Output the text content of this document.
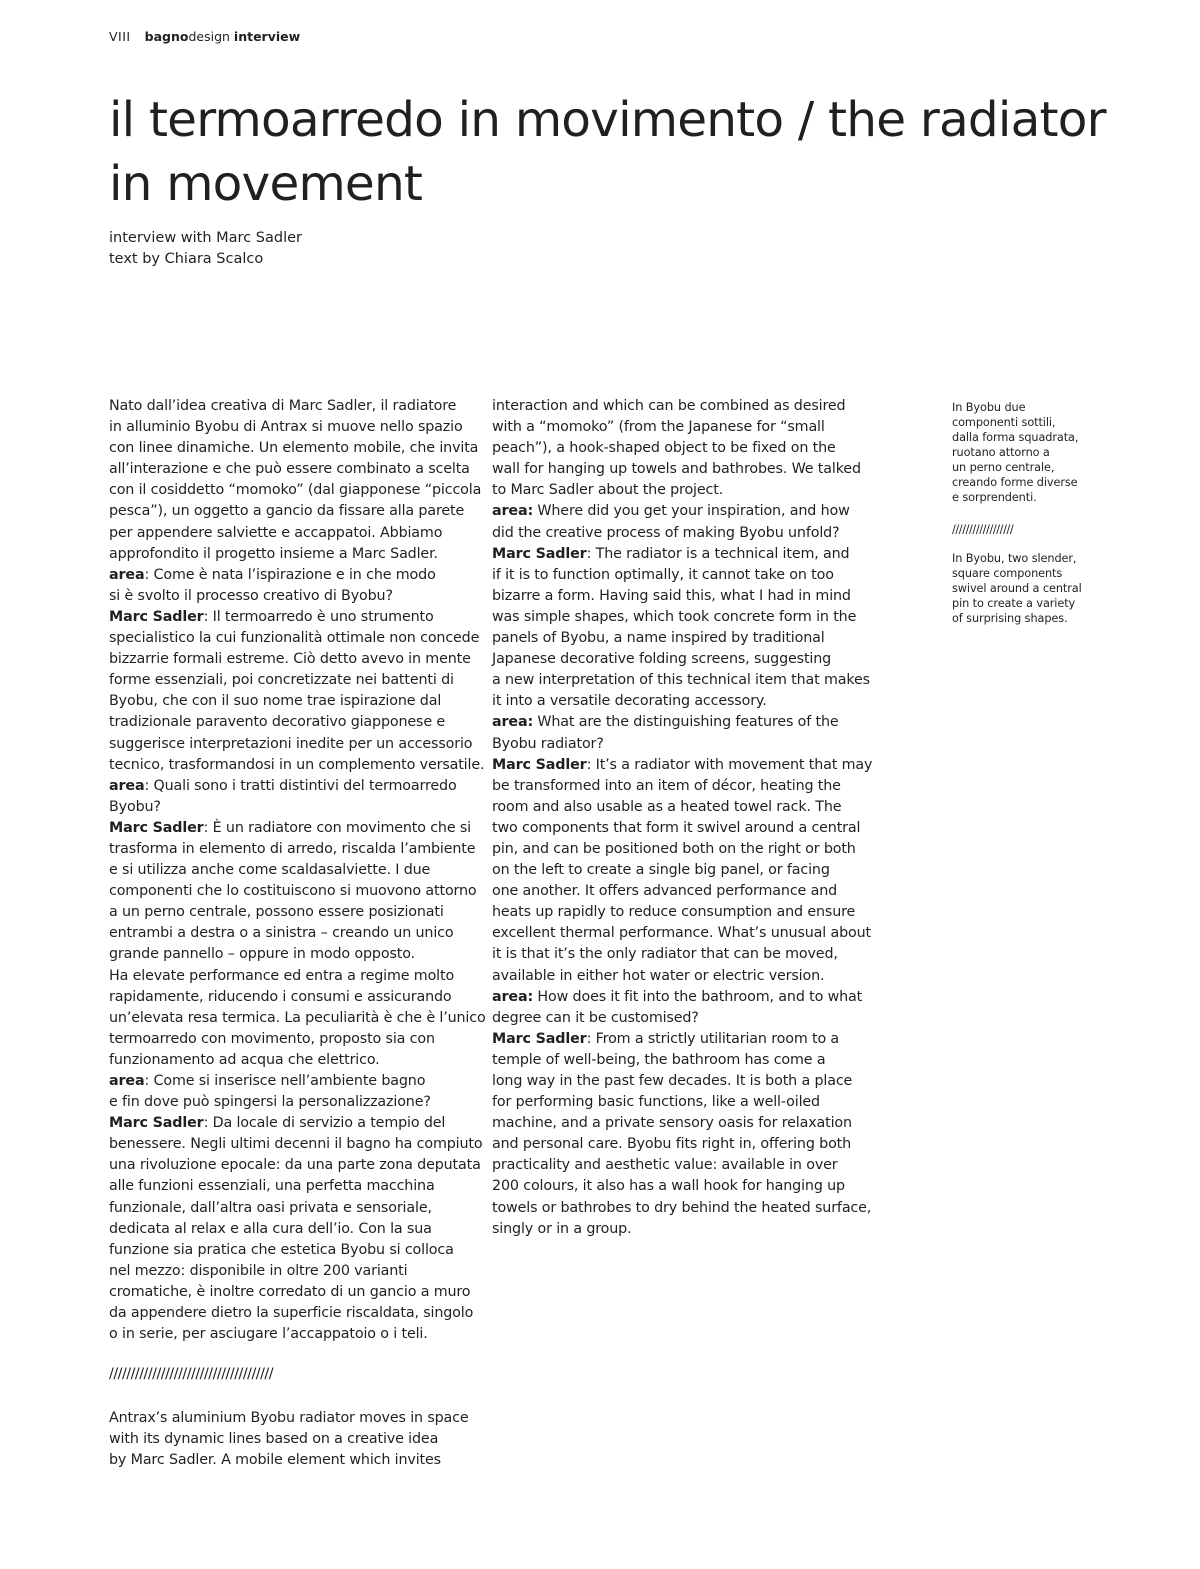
VIII bagnodesign interview
il termoarredo in movimento / the radiator
in movement
interview with Marc Sadler
text by Chiara Scalco
Nato dall’idea creativa di Marc Sadler, il radiatore
in alluminio Byobu di Antrax si muove nello spazio
con linee dinamiche. Un elemento mobile, che invita
all’interazione e che può essere combinato a scelta
con il cosiddetto “momoko” (dal giapponese “piccola
pesca”), un oggetto a gancio da fissare alla parete
per appendere salviette e accappatoi. Abbiamo
approfondito il progetto insieme a Marc Sadler.
area: Come è nata l’ispirazione e in che modo
si è svolto il processo creativo di Byobu?
Marc Sadler: Il termoarredo è uno strumento
specialistico la cui funzionalità ottimale non concede
bizzarrie formali estreme. Ciò detto avevo in mente
forme essenziali, poi concretizzate nei battenti di
Byobu, che con il suo nome trae ispirazione dal
tradizionale paravento decorativo giapponese e
suggerisce interpretazioni inedite per un accessorio
tecnico, trasformandosi in un complemento versatile.
area: Quali sono i tratti distintivi del termoarredo
Byobu?
Marc Sadler: È un radiatore con movimento che si
trasforma in elemento di arredo, riscalda l’ambiente
e si utilizza anche come scaldasalviette. I due
componenti che lo costituiscono si muovono attorno
a un perno centrale, possono essere posizionati
entrambi a destra o a sinistra – creando un unico
grande pannello – oppure in modo opposto.
Ha elevate performance ed entra a regime molto
rapidamente, riducendo i consumi e assicurando
un’elevata resa termica. La peculiarità è che è l’unico
termoarredo con movimento, proposto sia con
funzionamento ad acqua che elettrico.
area: Come si inserisce nell’ambiente bagno
e fin dove può spingersi la personalizzazione?
Marc Sadler: Da locale di servizio a tempio del
benessere. Negli ultimi decenni il bagno ha compiuto
una rivoluzione epocale: da una parte zona deputata
alle funzioni essenziali, una perfetta macchina
funzionale, dall’altra oasi privata e sensoriale,
dedicata al relax e alla cura dell’io. Con la sua
funzione sia pratica che estetica Byobu si colloca
nel mezzo: disponibile in oltre 200 varianti
cromatiche, è inoltre corredato di un gancio a muro
da appendere dietro la superficie riscaldata, singolo
o in serie, per asciugare l’accappatoio o i teli.
//////////////////////////////////////
Antrax’s aluminium Byobu radiator moves in space
with its dynamic lines based on a creative idea
by Marc Sadler. A mobile element which invites
interaction and which can be combined as desired
with a “momoko” (from the Japanese for “small
peach”), a hook-shaped object to be fixed on the
wall for hanging up towels and bathrobes. We talked
to Marc Sadler about the project.
area: Where did you get your inspiration, and how
did the creative process of making Byobu unfold?
Marc Sadler: The radiator is a technical item, and
if it is to function optimally, it cannot take on too
bizarre a form. Having said this, what I had in mind
was simple shapes, which took concrete form in the
panels of Byobu, a name inspired by traditional
Japanese decorative folding screens, suggesting
a new interpretation of this technical item that makes
it into a versatile decorating accessory.
area: What are the distinguishing features of the
Byobu radiator?
Marc Sadler: It’s a radiator with movement that may
be transformed into an item of décor, heating the
room and also usable as a heated towel rack. The
two components that form it swivel around a central
pin, and can be positioned both on the right or both
on the left to create a single big panel, or facing
one another. It offers advanced performance and
heats up rapidly to reduce consumption and ensure
excellent thermal performance. What’s unusual about
it is that it’s the only radiator that can be moved,
available in either hot water or electric version.
area: How does it fit into the bathroom, and to what
degree can it be customised?
Marc Sadler: From a strictly utilitarian room to a
temple of well-being, the bathroom has come a
long way in the past few decades. It is both a place
for performing basic functions, like a well-oiled
machine, and a private sensory oasis for relaxation
and personal care. Byobu fits right in, offering both
practicality and aesthetic value: available in over
200 colours, it also has a wall hook for hanging up
towels or bathrobes to dry behind the heated surface,
singly or in a group.
In Byobu due
componenti sottili,
dalla forma squadrata,
ruotano attorno a
un perno centrale,
creando forme diverse
e sorprendenti.
//////////////////
In Byobu, two slender,
square components
swivel around a central
pin to create a variety
of surprising shapes.
